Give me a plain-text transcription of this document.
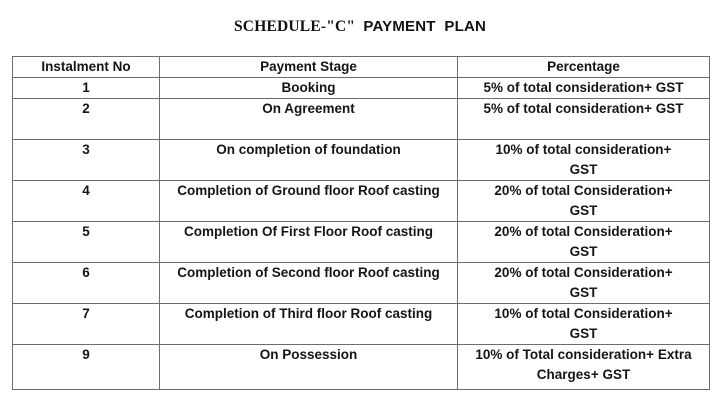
SCHEDULE-"C" PAYMENT  PLAN
Instalment No	Payment Stage	Percentage
1	Booking	5% of total consideration+ GST
2	On Agreement	5% of total consideration+ GST
3	On completion of foundation	10% of total consideration+ GST
4	Completion of Ground floor Roof casting	20% of total Consideration+ GST
5	Completion Of First Floor Roof casting	20% of total Consideration+ GST
6	Completion of Second floor Roof casting	20% of total Consideration+ GST
7	Completion of Third floor Roof casting	10% of total Consideration+ GST
9	On Possession	10% of Total consideration+ Extra Charges+ GST
